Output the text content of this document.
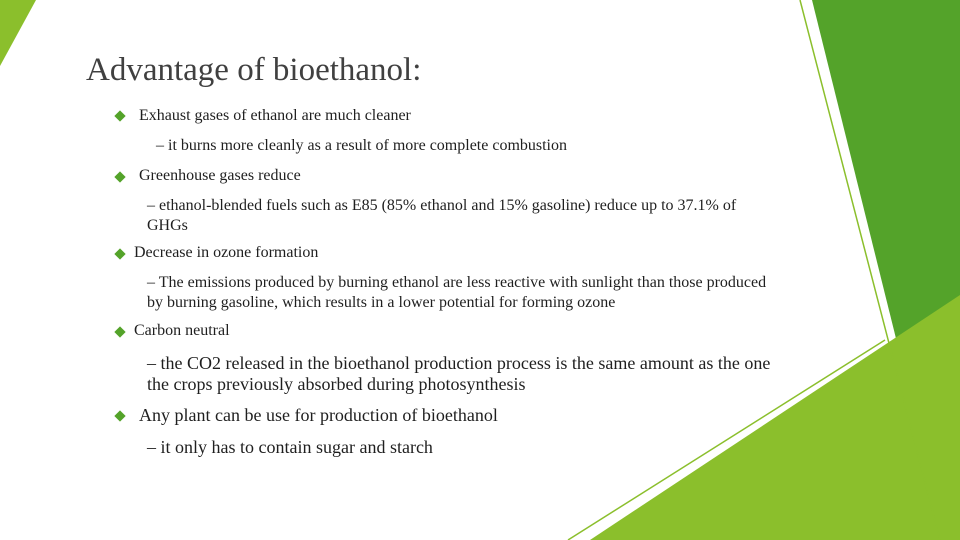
Advantage of bioethanol:
Exhaust gases of ethanol are much cleaner
– it burns more cleanly as a result of more complete combustion
Greenhouse gases reduce
– ethanol-blended fuels such as E85 (85% ethanol and 15% gasoline) reduce up to 37.1% of
GHGs
Decrease in ozone formation
– The emissions produced by burning ethanol are less reactive with sunlight than those produced
by burning gasoline, which results in a lower potential for forming ozone
Carbon neutral
– the CO2 released in the bioethanol production process is the same amount as the one
the crops previously absorbed during photosynthesis
Any plant can be use for production of bioethanol
– it only has to contain sugar and starch
